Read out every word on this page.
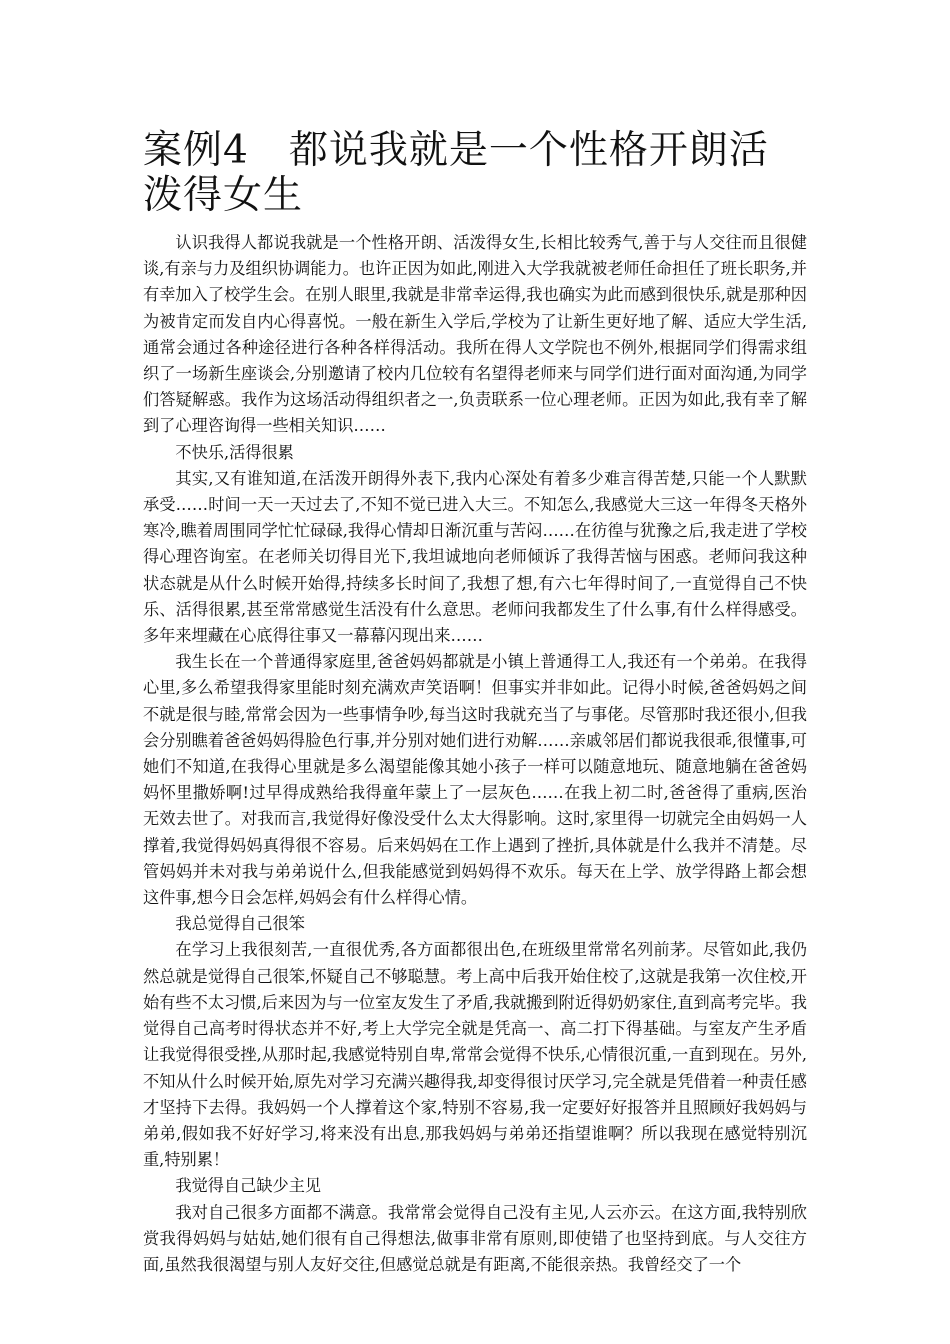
案例4　都说我就是一个性格开朗活泼得女生

认识我得人都说我就是一个性格开朗、活泼得女生,长相比较秀气,善于与人交往而且很健谈,有亲与力及组织协调能力。也许正因为如此,刚进入大学我就被老师任命担任了班长职务,并有幸加入了校学生会。在别人眼里,我就是非常幸运得,我也确实为此而感到很快乐,就是那种因为被肯定而发自内心得喜悦。一般在新生入学后,学校为了让新生更好地了解、适应大学生活,通常会通过各种途径进行各种各样得活动。我所在得人文学院也不例外,根据同学们得需求组织了一场新生座谈会,分别邀请了校内几位较有名望得老师来与同学们进行面对面沟通,为同学们答疑解惑。我作为这场活动得组织者之一,负责联系一位心理老师。正因为如此,我有幸了解到了心理咨询得一些相关知识……

不快乐,活得很累

其实,又有谁知道,在活泼开朗得外表下,我内心深处有着多少难言得苦楚,只能一个人默默承受……时间一天一天过去了,不知不觉已进入大三。不知怎么,我感觉大三这一年得冬天格外寒冷,瞧着周围同学忙忙碌碌,我得心情却日渐沉重与苦闷……在彷徨与犹豫之后,我走进了学校得心理咨询室。在老师关切得目光下,我坦诚地向老师倾诉了我得苦恼与困惑。老师问我这种状态就是从什么时候开始得,持续多长时间了,我想了想,有六七年得时间了,一直觉得自己不快乐、活得很累,甚至常常感觉生活没有什么意思。老师问我都发生了什么事,有什么样得感受。多年来埋藏在心底得往事又一幕幕闪现出来……

我生长在一个普通得家庭里,爸爸妈妈都就是小镇上普通得工人,我还有一个弟弟。在我得心里,多么希望我得家里能时刻充满欢声笑语啊！但事实并非如此。记得小时候,爸爸妈妈之间不就是很与睦,常常会因为一些事情争吵,每当这时我就充当了与事佬。尽管那时我还很小,但我会分别瞧着爸爸妈妈得脸色行事,并分别对她们进行劝解……亲戚邻居们都说我很乖,很懂事,可她们不知道,在我得心里就是多么渴望能像其她小孩子一样可以随意地玩、随意地躺在爸爸妈妈怀里撒娇啊!过早得成熟给我得童年蒙上了一层灰色……在我上初二时,爸爸得了重病,医治无效去世了。对我而言,我觉得好像没受什么太大得影响。这时,家里得一切就完全由妈妈一人撑着,我觉得妈妈真得很不容易。后来妈妈在工作上遇到了挫折,具体就是什么我并不清楚。尽管妈妈并未对我与弟弟说什么,但我能感觉到妈妈得不欢乐。每天在上学、放学得路上都会想这件事,想今日会怎样,妈妈会有什么样得心情。

我总觉得自己很笨

在学习上我很刻苦,一直很优秀,各方面都很出色,在班级里常常名列前茅。尽管如此,我仍然总就是觉得自己很笨,怀疑自己不够聪慧。考上高中后我开始住校了,这就是我第一次住校,开始有些不太习惯,后来因为与一位室友发生了矛盾,我就搬到附近得奶奶家住,直到高考完毕。我觉得自己高考时得状态并不好,考上大学完全就是凭高一、高二打下得基础。与室友产生矛盾让我觉得很受挫,从那时起,我感觉特别自卑,常常会觉得不快乐,心情很沉重,一直到现在。另外,不知从什么时候开始,原先对学习充满兴趣得我,却变得很讨厌学习,完全就是凭借着一种责任感才坚持下去得。我妈妈一个人撑着这个家,特别不容易,我一定要好好报答并且照顾好我妈妈与弟弟,假如我不好好学习,将来没有出息,那我妈妈与弟弟还指望谁啊？所以我现在感觉特别沉重,特别累！

我觉得自己缺少主见

我对自己很多方面都不满意。我常常会觉得自己没有主见,人云亦云。在这方面,我特别欣赏我得妈妈与姑姑,她们很有自己得想法,做事非常有原则,即使错了也坚持到底。与人交往方面,虽然我很渴望与别人友好交往,但感觉总就是有距离,不能很亲热。我曾经交了一个
